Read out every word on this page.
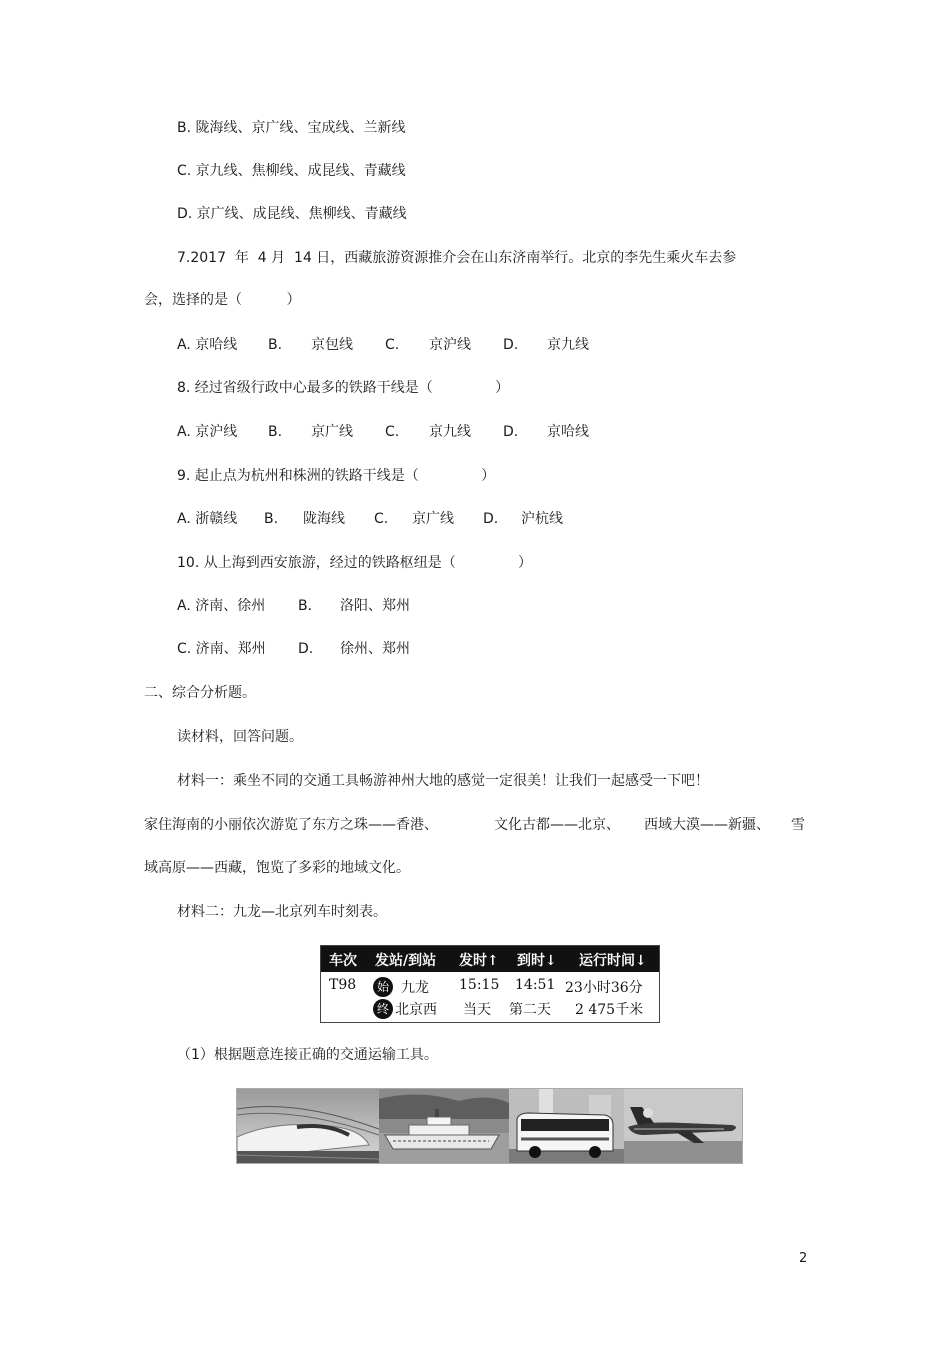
B. 陇海线、京广线、宝成线、兰新线
C. 京九线、焦柳线、成昆线、青藏线
D. 京广线、成昆线、焦柳线、青藏线
7.2017  年  4 月  14 日，西藏旅游资源推介会在山东济南举行。北京的李先生乘火车去参
会，选择的是（          ）

A. 京哈线

B.

京包线

C.

京沪线

D.

京九线

8. 经过省级行政中心最多的铁路干线是（              ）

A. 京沪线

B.

京广线

C.

京九线

D.

京哈线

9. 起止点为杭州和株洲的铁路干线是（              ）

A. 浙赣线

B.

陇海线

C.

京广线

D.

沪杭线

10. 从上海到西安旅游，经过的铁路枢纽是（              ）

A. 济南、徐州

B.

洛阳、郑州

C. 济南、郑州

D.

徐州、郑州

二、综合分析题。
读材料，回答问题。
材料一：乘坐不同的交通工具畅游神州大地的感觉一定很美！让我们一起感受一下吧！

家住海南的小丽依次游览了东方之珠——香港、

	文化古都——北京、

西域大漠——新疆、

雪

域高原——西藏，饱览了多彩的地域文化。
材料二：九龙—北京列车时刻表。
车次 发站/到站 发时↑ 到时↓ 运行时间↓
T98	始
终
九龙
北京西
15:15
当天
14:51
第二天
23小时36分
2 475千米
（1）根据题意连接正确的交通运输工具。
2
